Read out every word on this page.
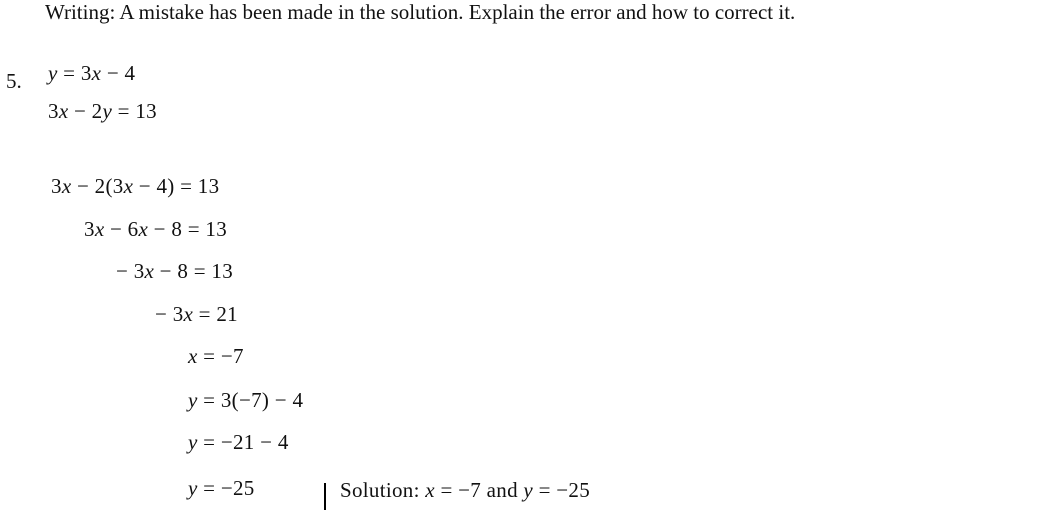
Writing: A mistake has been made in the solution. Explain the error and how to correct it.
5. y = 3x − 4
3x − 2y = 13
3x − 2(3x − 4) = 13
3x − 6x − 8 = 13
− 3x − 8 = 13
− 3x = 21
x = −7
y = 3(−7) − 4
y = −21 − 4
y = −25	Solution: x = −7 and y = −25
